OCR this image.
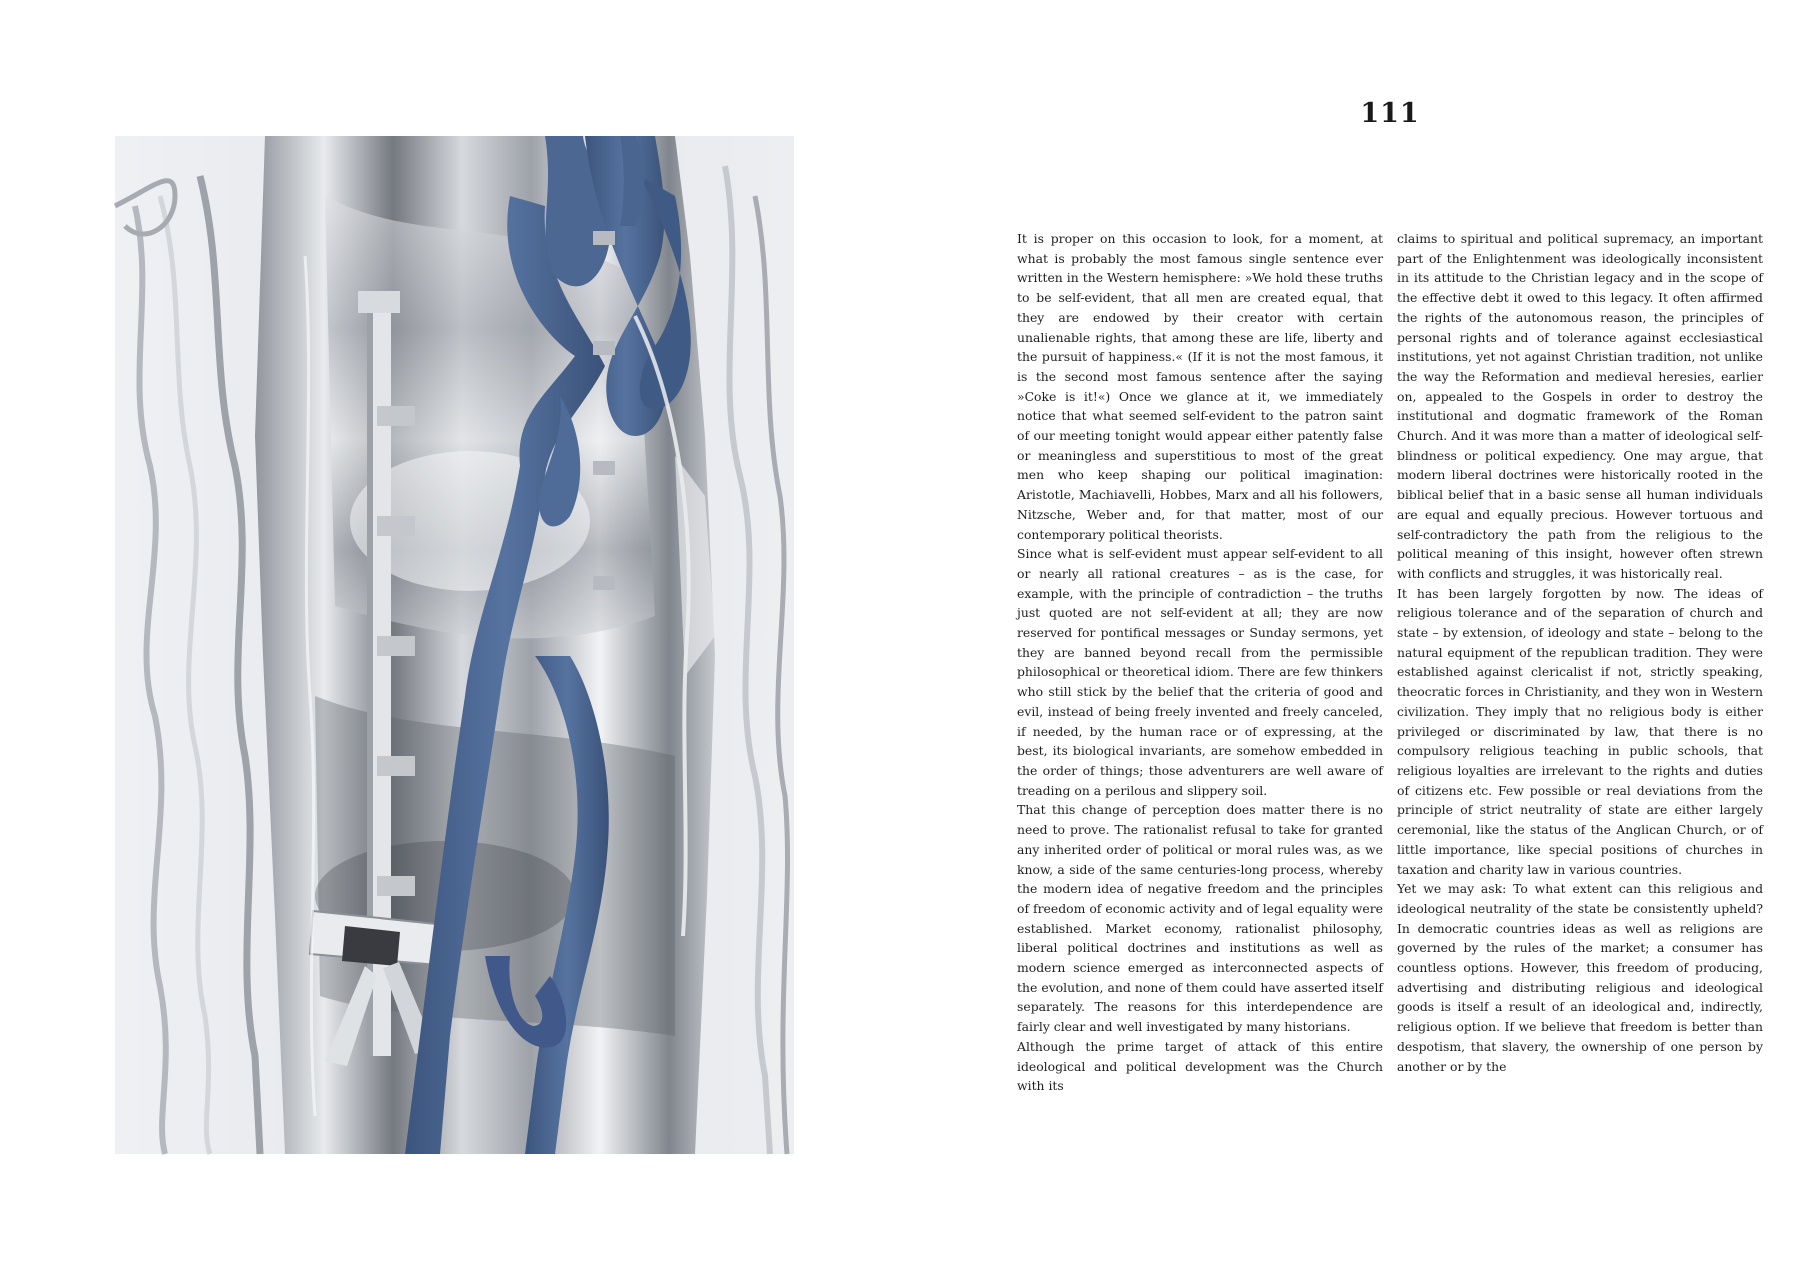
111

It is proper on this occasion to look, for a moment, at what is probably the most famous single sentence ever written in the Western hemisphere: »We hold these truths to be self-evident, that all men are created equal, that they are endowed by their creator with certain unalienable rights, that among these are life, liberty and the pursuit of happiness.« (If it is not the most famous, it is the second most famous sentence after the saying »Coke is it!«) Once we glance at it, we immediately notice that what seemed self-evident to the patron saint of our meeting tonight would appear either patently false or meaningless and superstitious to most of the great men who keep shaping our political imagination: Aristotle, Machiavelli, Hobbes, Marx and all his followers, Nitzsche, Weber and, for that matter, most of our contemporary political theorists.

Since what is self-evident must appear self-evident to all or nearly all rational creatures – as is the case, for example, with the principle of contradiction – the truths just quoted are not self-evident at all; they are now reserved for pontifical messages or Sunday sermons, yet they are banned beyond recall from the permissible philosophical or theoretical idiom. There are few thinkers who still stick by the belief that the criteria of good and evil, instead of being freely invented and freely canceled, if needed, by the human race or of expressing, at the best, its biological invariants, are somehow embedded in the order of things; those adventurers are well aware of treading on a perilous and slippery soil.

That this change of perception does matter there is no need to prove. The rationalist refusal to take for granted any inherited order of political or moral rules was, as we know, a side of the same centuries-long process, whereby the modern idea of negative freedom and the principles of freedom of economic activity and of legal equality were established. Market economy, rationalist philosophy, liberal political doctrines and institutions as well as modern science emerged as interconnected aspects of the evolution, and none of them could have asserted itself separately. The reasons for this interdependence are fairly clear and well investigated by many historians.

Although the prime target of attack of this entire ideological and political development was the Church with its

claims to spiritual and political supremacy, an important part of the Enlightenment was ideologically inconsistent in its attitude to the Christian legacy and in the scope of the effective debt it owed to this legacy. It often affirmed the rights of the autonomous reason, the principles of personal rights and of tolerance against ecclesiastical institutions, yet not against Christian tradition, not unlike the way the Reformation and medieval heresies, earlier on, appealed to the Gospels in order to destroy the institutional and dogmatic framework of the Roman Church. And it was more than a matter of ideological self-blindness or political expediency. One may argue, that modern liberal doctrines were historically rooted in the biblical belief that in a basic sense all human individuals are equal and equally precious. However tortuous and self-contradictory the path from the religious to the political meaning of this insight, however often strewn with conflicts and struggles, it was historically real.

It has been largely forgotten by now. The ideas of religious tolerance and of the separation of church and state – by extension, of ideology and state – belong to the natural equipment of the republican tradition. They were established against clericalist if not, strictly speaking, theocratic forces in Christianity, and they won in Western civilization. They imply that no religious body is either privileged or discriminated by law, that there is no compulsory religious teaching in public schools, that religious loyalties are irrelevant to the rights and duties of citizens etc. Few possible or real deviations from the principle of strict neutrality of state are either largely ceremonial, like the status of the Anglican Church, or of little importance, like special positions of churches in taxation and charity law in various countries.

Yet we may ask: To what extent can this religious and ideological neutrality of the state be consistently upheld? In democratic countries ideas as well as religions are governed by the rules of the market; a consumer has countless options. However, this freedom of producing, advertising and distributing religious and ideological goods is itself a result of an ideological and, indirectly, religious option. If we believe that freedom is better than despotism, that slavery, the ownership of one person by another or by the
